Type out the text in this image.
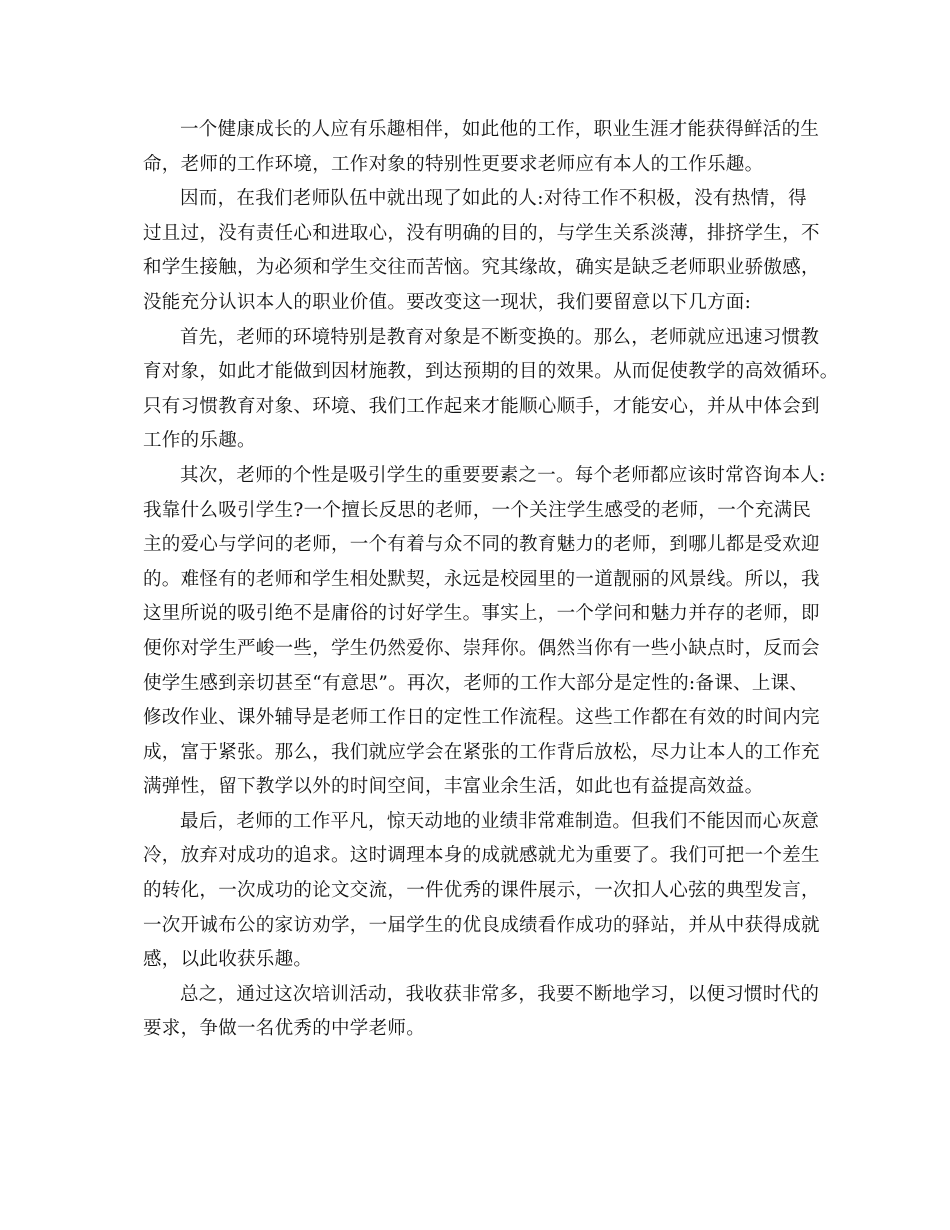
一个健康成长的人应有乐趣相伴，如此他的工作，职业生涯才能获得鲜活的生
命，老师的工作环境，工作对象的特别性更要求老师应有本人的工作乐趣。

因而，在我们老师队伍中就出现了如此的人:对待工作不积极，没有热情，得
过且过，没有责任心和进取心，没有明确的目的，与学生关系淡薄，排挤学生，不
和学生接触，为必须和学生交往而苦恼。究其缘故，确实是缺乏老师职业骄傲感，
没能充分认识本人的职业价值。要改变这一现状，我们要留意以下几方面:

首先，老师的环境特别是教育对象是不断变换的。那么，老师就应迅速习惯教
育对象，如此才能做到因材施教，到达预期的目的效果。从而促使教学的高效循环。
只有习惯教育对象、环境、我们工作起来才能顺心顺手，才能安心，并从中体会到
工作的乐趣。

其次，老师的个性是吸引学生的重要要素之一。每个老师都应该时常咨询本人:
我靠什么吸引学生?一个擅长反思的老师，一个关注学生感受的老师，一个充满民
主的爱心与学问的老师，一个有着与众不同的教育魅力的老师，到哪儿都是受欢迎
的。难怪有的老师和学生相处默契，永远是校园里的一道靓丽的风景线。所以，我
这里所说的吸引绝不是庸俗的讨好学生。事实上，一个学问和魅力并存的老师，即
便你对学生严峻一些，学生仍然爱你、崇拜你。偶然当你有一些小缺点时，反而会
使学生感到亲切甚至“有意思”。再次，老师的工作大部分是定性的:备课、上课、
修改作业、课外辅导是老师工作日的定性工作流程。这些工作都在有效的时间内完
成，富于紧张。那么，我们就应学会在紧张的工作背后放松，尽力让本人的工作充
满弹性，留下教学以外的时间空间，丰富业余生活，如此也有益提高效益。

最后，老师的工作平凡，惊天动地的业绩非常难制造。但我们不能因而心灰意
冷，放弃对成功的追求。这时调理本身的成就感就尤为重要了。我们可把一个差生
的转化，一次成功的论文交流，一件优秀的课件展示，一次扣人心弦的典型发言，
一次开诚布公的家访劝学，一届学生的优良成绩看作成功的驿站，并从中获得成就
感，以此收获乐趣。

总之，通过这次培训活动，我收获非常多，我要不断地学习，以便习惯时代的
要求，争做一名优秀的中学老师。
